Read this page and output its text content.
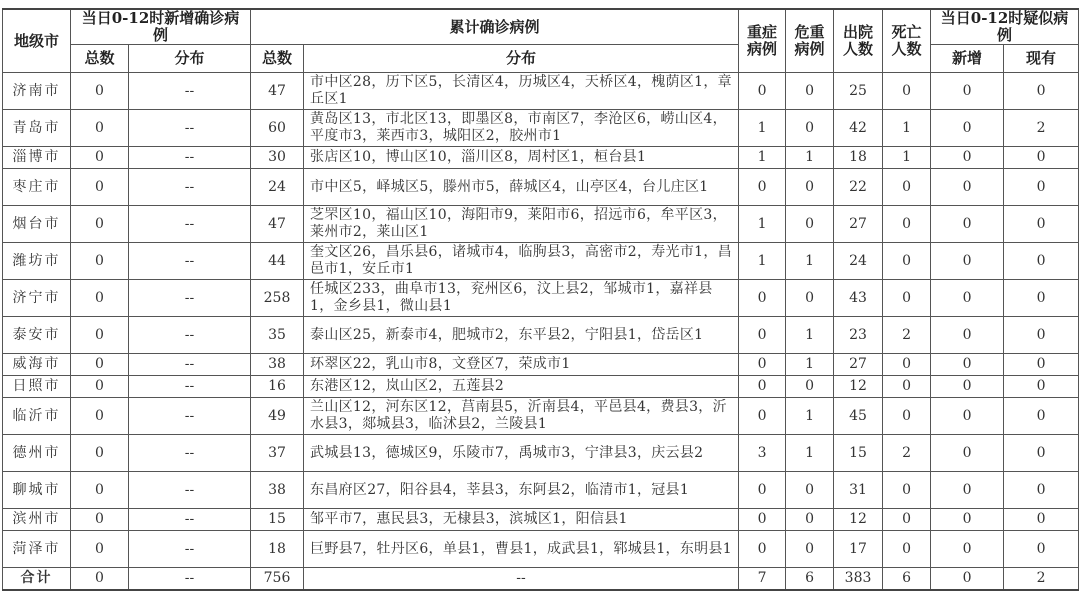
地级市	当日0-12时新增确诊病例		累计确诊病例		重症病例	危重病例	出院人数	死亡人数	当日0-12时疑似病例	
	总数	分布	总数	分布					新增	现有
济南市	0	--	47	市中区28，历下区5，长清区4，历城区4，天桥区4，槐荫区1，章丘区1	0	0	25	0	0	0
青岛市	0	--	60	黄岛区13，市北区13，即墨区8，市南区7，李沧区6，崂山区4，平度市3，莱西市3，城阳区2，胶州市1	1	0	42	1	0	2
淄博市	0	--	30	张店区10，博山区10，淄川区8，周村区1，桓台县1	1	1	18	1	0	0
枣庄市	0	--	24	市中区5，峄城区5，滕州市5，薛城区4，山亭区4，台儿庄区1	0	0	22	0	0	0
烟台市	0	--	47	芝罘区10，福山区10，海阳市9，莱阳市6，招远市6，牟平区3，莱州市2，莱山区1	1	0	27	0	0	0
潍坊市	0	--	44	奎文区26，昌乐县6，诸城市4，临朐县3，高密市2，寿光市1，昌邑市1，安丘市1	1	1	24	0	0	0
济宁市	0	--	258	任城区233，曲阜市13，兖州区6，汶上县2，邹城市1，嘉祥县1，金乡县1，微山县1	0	0	43	0	0	0
泰安市	0	--	35	泰山区25，新泰市4，肥城市2，东平县2，宁阳县1，岱岳区1	0	1	23	2	0	0
威海市	0	--	38	环翠区22，乳山市8，文登区7，荣成市1	0	1	27	0	0	0
日照市	0	--	16	东港区12，岚山区2，五莲县2	0	0	12	0	0	0
临沂市	0	--	49	兰山区12，河东区12，莒南县5，沂南县4，平邑县4，费县3，沂水县3，郯城县3，临沭县2，兰陵县1	0	1	45	0	0	0
德州市	0	--	37	武城县13，德城区9，乐陵市7，禹城市3，宁津县3，庆云县2	3	1	15	2	0	0
聊城市	0	--	38	东昌府区27，阳谷县4，莘县3，东阿县2，临清市1，冠县1	0	0	31	0	0	0
滨州市	0	--	15	邹平市7，惠民县3，无棣县3，滨城区1，阳信县1	0	0	12	0	0	0
菏泽市	0	--	18	巨野县7，牡丹区6，单县1，曹县1，成武县1，郓城县1，东明县1	0	0	17	0	0	0
合计	0	--	756	--	7	6	383	6	0	2
